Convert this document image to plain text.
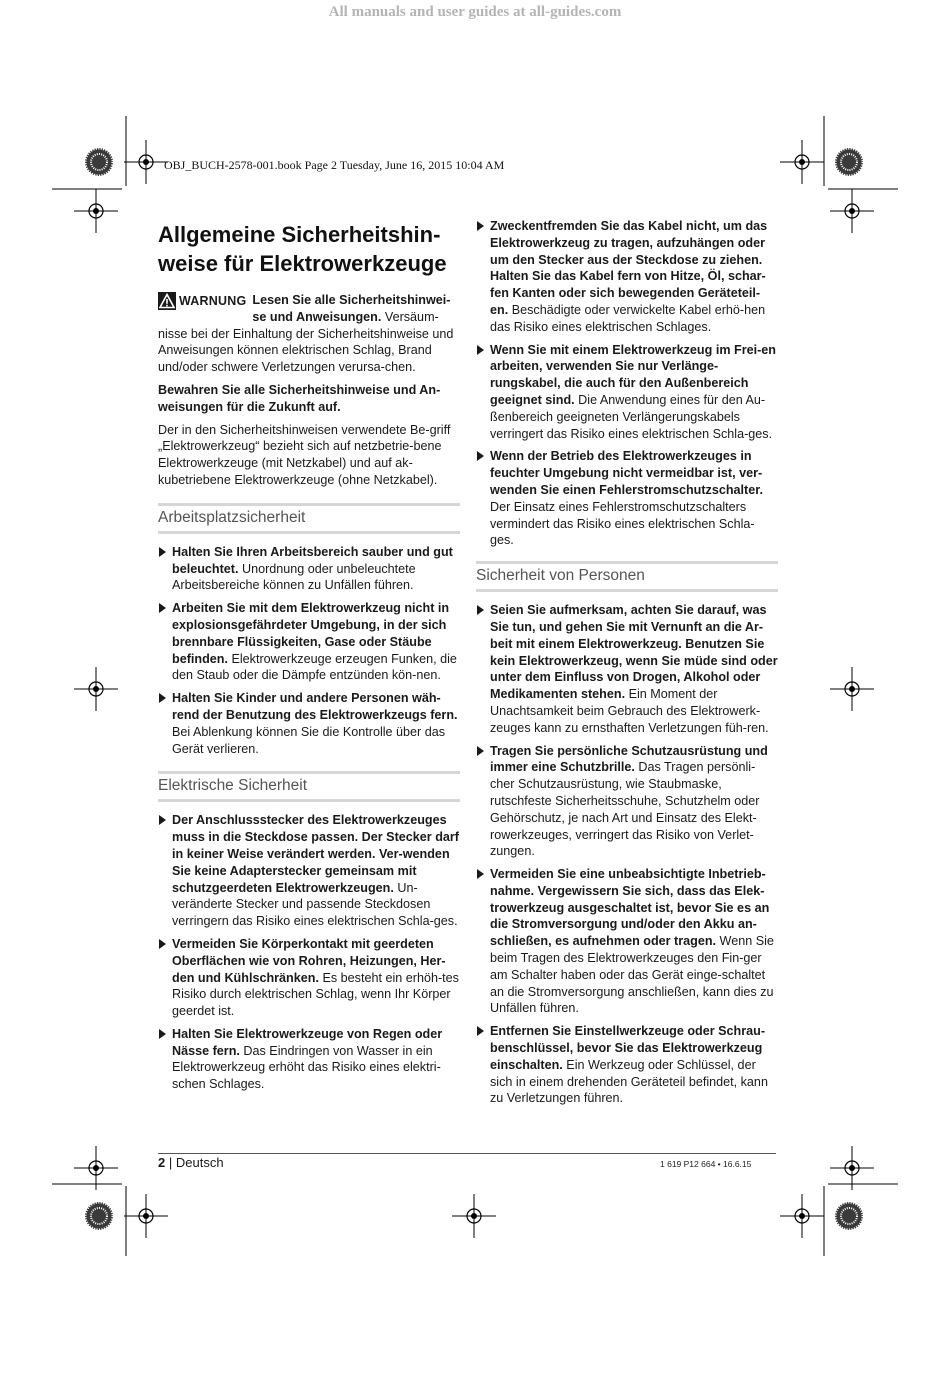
All manuals and user guides at all-guides.com
OBJ_BUCH-2578-001.book Page 2 Tuesday, June 16, 2015 10:04 AM
Allgemeine Sicherheitshin-weise für Elektrowerkzeuge
WARNUNG Lesen Sie alle Sicherheitshinwei-se und Anweisungen. Versäum-nisse bei der Einhaltung der Sicherheitshinweise und Anweisungen können elektrischen Schlag, Brand und/oder schwere Verletzungen verursa-chen.

Bewahren Sie alle Sicherheitshinweise und An-weisungen für die Zukunft auf.

Der in den Sicherheitshinweisen verwendete Be-griff „Elektrowerkzeug“ bezieht sich auf netzbetrie-bene Elektrowerkzeuge (mit Netzkabel) und auf ak-kubetriebene Elektrowerkzeuge (ohne Netzkabel).

Arbeitsplatzsicherheit
Halten Sie Ihren Arbeitsbereich sauber und gut beleuchtet. Unordnung oder unbeleuchtete Arbeitsbereiche können zu Unfällen führen.
Arbeiten Sie mit dem Elektrowerkzeug nicht in explosionsgefährdeter Umgebung, in der sich brennbare Flüssigkeiten, Gase oder Stäube befinden. Elektrowerkzeuge erzeugen Funken, die den Staub oder die Dämpfe entzünden kön-nen.
Halten Sie Kinder und andere Personen wäh-rend der Benutzung des Elektrowerkzeugs fern. Bei Ablenkung können Sie die Kontrolle über das Gerät verlieren.
Elektrische Sicherheit
Der Anschlussstecker des Elektrowerkzeuges muss in die Steckdose passen. Der Stecker darf in keiner Weise verändert werden. Ver-wenden Sie keine Adapterstecker gemeinsam mit schutzgeerdeten Elektrowerkzeugen. Un-veränderte Stecker und passende Steckdosen verringern das Risiko eines elektrischen Schla-ges.
Vermeiden Sie Körperkontakt mit geerdeten Oberflächen wie von Rohren, Heizungen, Her-den und Kühlschränken. Es besteht ein erhöh-tes Risiko durch elektrischen Schlag, wenn Ihr Körper geerdet ist.
Halten Sie Elektrowerkzeuge von Regen oder Nässe fern. Das Eindringen von Wasser in ein Elektrowerkzeug erhöht das Risiko eines elektri-schen Schlages.
Zweckentfremden Sie das Kabel nicht, um das Elektrowerkzeug zu tragen, aufzuhängen oder um den Stecker aus der Steckdose zu ziehen. Halten Sie das Kabel fern von Hitze, Öl, schar-fen Kanten oder sich bewegenden Geräteteil-en. Beschädigte oder verwickelte Kabel erhö-hen das Risiko eines elektrischen Schlages.
Wenn Sie mit einem Elektrowerkzeug im Frei-en arbeiten, verwenden Sie nur Verlänge-rungskabel, die auch für den Außenbereich geeignet sind. Die Anwendung eines für den Au-ßenbereich geeigneten Verlängerungskabels verringert das Risiko eines elektrischen Schla-ges.
Wenn der Betrieb des Elektrowerkzeuges in feuchter Umgebung nicht vermeidbar ist, ver-wenden Sie einen Fehlerstromschutzschalter. Der Einsatz eines Fehlerstromschutzschalters vermindert das Risiko eines elektrischen Schla-ges.
Sicherheit von Personen
Seien Sie aufmerksam, achten Sie darauf, was Sie tun, und gehen Sie mit Vernunft an die Ar-beit mit einem Elektrowerkzeug. Benutzen Sie kein Elektrowerkzeug, wenn Sie müde sind oder unter dem Einfluss von Drogen, Alkohol oder Medikamenten stehen. Ein Moment der Unachtsamkeit beim Gebrauch des Elektrowerk-zeuges kann zu ernsthaften Verletzungen füh-ren.
Tragen Sie persönliche Schutzausrüstung und immer eine Schutzbrille. Das Tragen persönli-cher Schutzausrüstung, wie Staubmaske, rutschfeste Sicherheitsschuhe, Schutzhelm oder Gehörschutz, je nach Art und Einsatz des Elekt-rowerkzeuges, verringert das Risiko von Verlet-zungen.
Vermeiden Sie eine unbeabsichtigte Inbetrieb-nahme. Vergewissern Sie sich, dass das Elek-trowerkzeug ausgeschaltet ist, bevor Sie es an die Stromversorgung und/oder den Akku an-schließen, es aufnehmen oder tragen. Wenn Sie beim Tragen des Elektrowerkzeuges den Fin-ger am Schalter haben oder das Gerät einge-schaltet an die Stromversorgung anschließen, kann dies zu Unfällen führen.
Entfernen Sie Einstellwerkzeuge oder Schrau-benschlüssel, bevor Sie das Elektrowerkzeug einschalten. Ein Werkzeug oder Schlüssel, der sich in einem drehenden Geräteteil befindet, kann zu Verletzungen führen.
2 | Deutsch	1 619 P12 664 • 16.6.15
